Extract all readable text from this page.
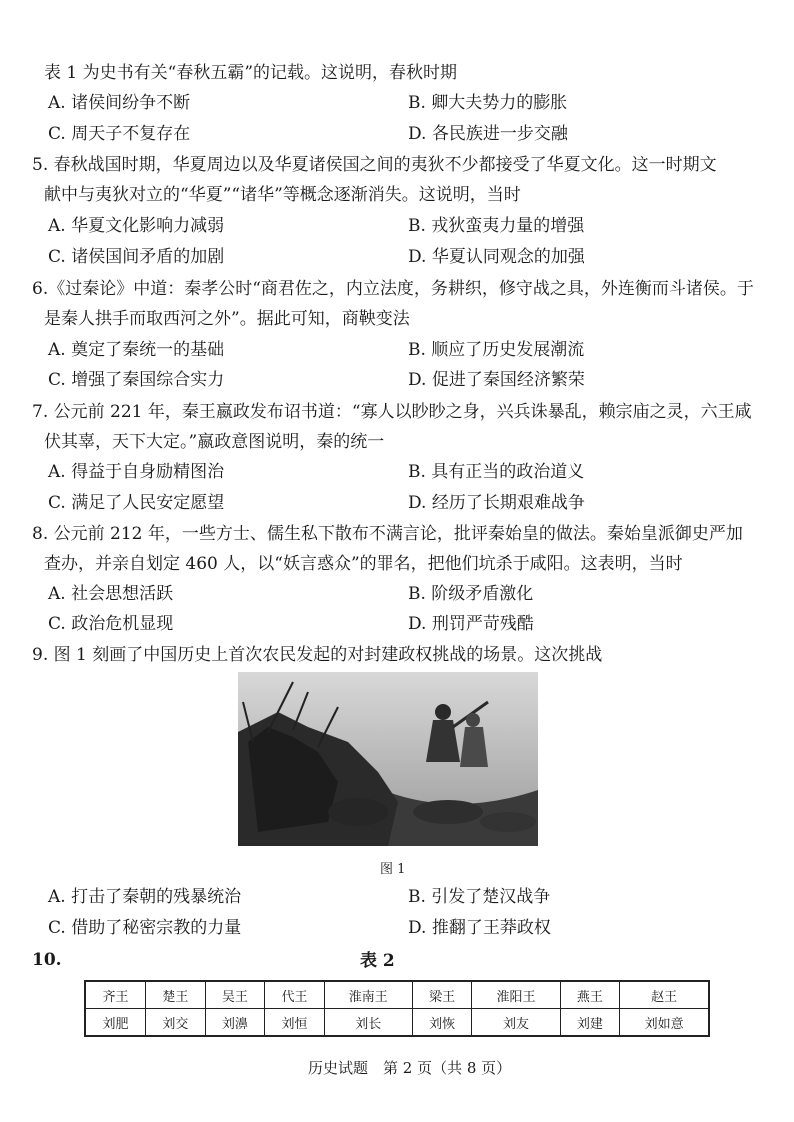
表 1 为史书有关“春秋五霸”的记载。这说明，春秋时期
A. 诸侯间纷争不断	B. 卿大夫势力的膨胀
C. 周天子不复存在	D. 各民族进一步交融
5. 春秋战国时期，华夏周边以及华夏诸侯国之间的夷狄不少都接受了华夏文化。这一时期文
献中与夷狄对立的“华夏”“诸华”等概念逐渐消失。这说明，当时
A. 华夏文化影响力减弱	B. 戎狄蛮夷力量的增强
C. 诸侯国间矛盾的加剧	D. 华夏认同观念的加强
6.《过秦论》中道：秦孝公时“商君佐之，内立法度，务耕织，修守战之具，外连衡而斗诸侯。于
是秦人拱手而取西河之外”。据此可知，商鞅变法
A. 奠定了秦统一的基础	B. 顺应了历史发展潮流
C. 增强了秦国综合实力	D. 促进了秦国经济繁荣
7. 公元前 221 年，秦王嬴政发布诏书道：“寡人以眇眇之身，兴兵诛暴乱，赖宗庙之灵，六王咸
伏其辜，天下大定。”嬴政意图说明，秦的统一
A. 得益于自身励精图治	B. 具有正当的政治道义
C. 满足了人民安定愿望	D. 经历了长期艰难战争
8. 公元前 212 年，一些方士、儒生私下散布不满言论，批评秦始皇的做法。秦始皇派御史严加
查办，并亲自划定 460 人，以“妖言惑众”的罪名，把他们坑杀于咸阳。这表明，当时
A. 社会思想活跃	B. 阶级矛盾激化
C. 政治危机显现	D. 刑罚严苛残酷
9. 图 1 刻画了中国历史上首次农民发起的对封建政权挑战的场景。这次挑战
图 1
A. 打击了秦朝的残暴统治	B. 引发了楚汉战争
C. 借助了秘密宗教的力量	D. 推翻了王莽政权
10.	表 2
齐王	楚王	吴王	代王	淮南王	梁王	淮阳王	燕王	赵王
刘肥	刘交	刘濞	刘恒	刘长	刘恢	刘友	刘建	刘如意
历史试题　第 2 页（共 8 页）
